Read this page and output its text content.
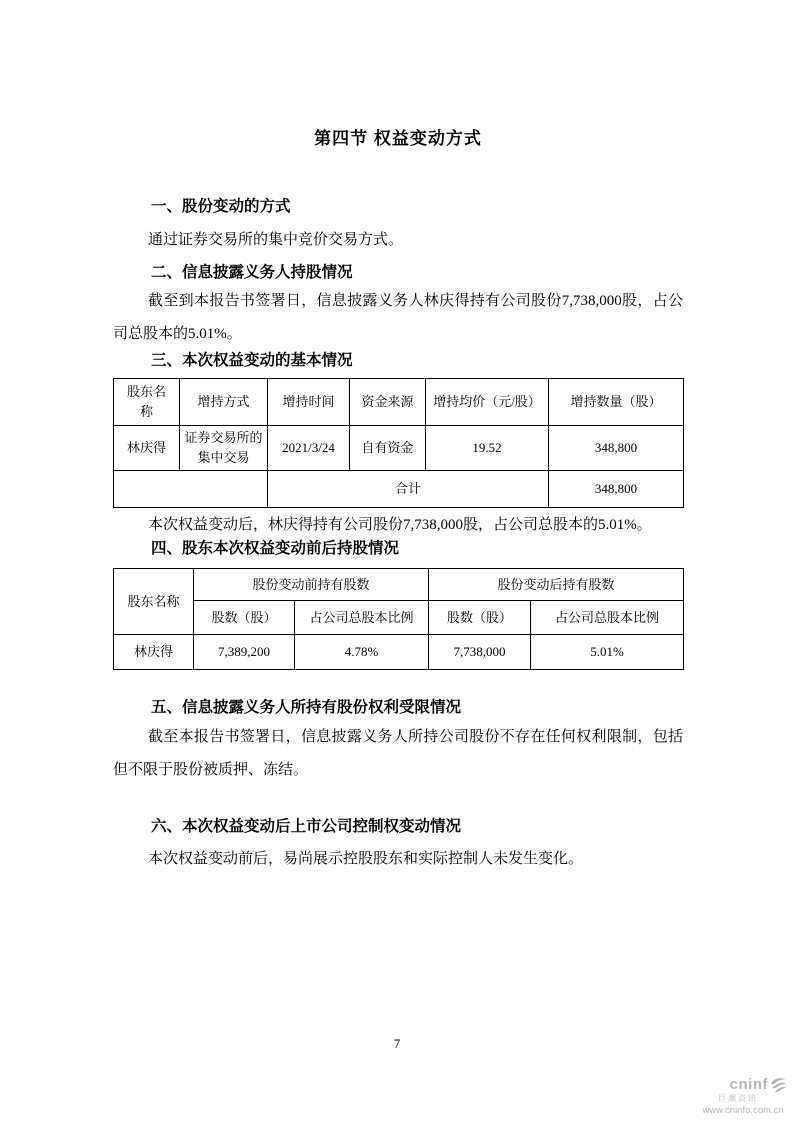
第四节 权益变动方式
一、股份变动的方式

通过证券交易所的集中竞价交易方式。

二、信息披露义务人持股情况

截至到本报告书签署日，信息披露义务人林庆得持有公司股份7,738,000股，占公司总股本的5.01%。

三、本次权益变动的基本情况
股东名称	增持方式	增持时间	资金来源	增持均价（元/股）	增持数量（股）
林庆得	证券交易所的集中交易	2021/3/24	自有资金	19.52	348,800
		合计			348,800

本次权益变动后，林庆得持有公司股份7,738,000股，占公司总股本的5.01%。

四、股东本次权益变动前后持股情况
股东名称	股份变动前持有股数		股份变动后持有股数	
	股数（股）	占公司总股本比例	股数（股）	占公司总股本比例
林庆得	7,389,200	4.78%	7,738,000	5.01%
五、信息披露义务人所持有股份权利受限情况

截至本报告书签署日，信息披露义务人所持公司股份不存在任何权利限制，包括但不限于股份被质押、冻结。

六、本次权益变动后上市公司控制权变动情况

本次权益变动前后，易尚展示控股股东和实际控制人未发生变化。

7
cninf
巨潮资讯
www.cninfo.com.cn
